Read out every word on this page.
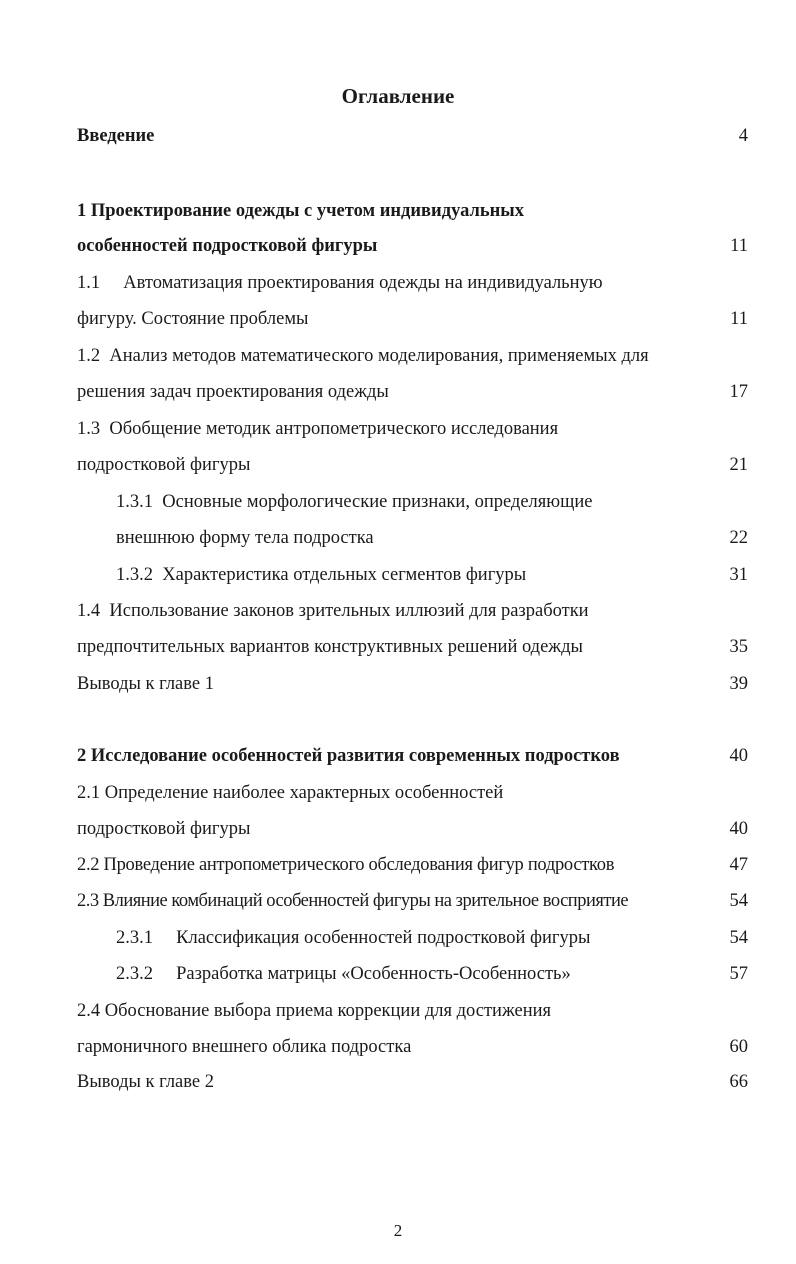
Оглавление
Введение	4
1 Проектирование одежды с учетом индивидуальных
особенностей подростковой фигуры	11
1.1     Автоматизация проектирования одежды на индивидуальную
фигуру. Состояние проблемы	11
1.2  Анализ методов математического моделирования, применяемых для
решения задач проектирования одежды	17
1.3  Обобщение методик антропометрического исследования
подростковой фигуры	21
1.3.1  Основные морфологические признаки, определяющие
внешнюю форму тела подростка	22
1.3.2  Характеристика отдельных сегментов фигуры	31
1.4  Использование законов зрительных иллюзий для разработки
предпочтительных вариантов конструктивных решений одежды	35
Выводы к главе 1	39
2 Исследование особенностей развития современных подростков	40
2.1 Определение наиболее характерных особенностей
подростковой фигуры	40
2.2 Проведение антропометрического обследования фигур подростков	47
2.3 Влияние комбинаций особенностей фигуры на зрительное восприятие	54
2.3.1     Классификация особенностей подростковой фигуры	54
2.3.2     Разработка матрицы «Особенность-Особенность»	57
2.4 Обоснование выбора приема коррекции для достижения
гармоничного внешнего облика подростка	60
Выводы к главе 2	66
2
